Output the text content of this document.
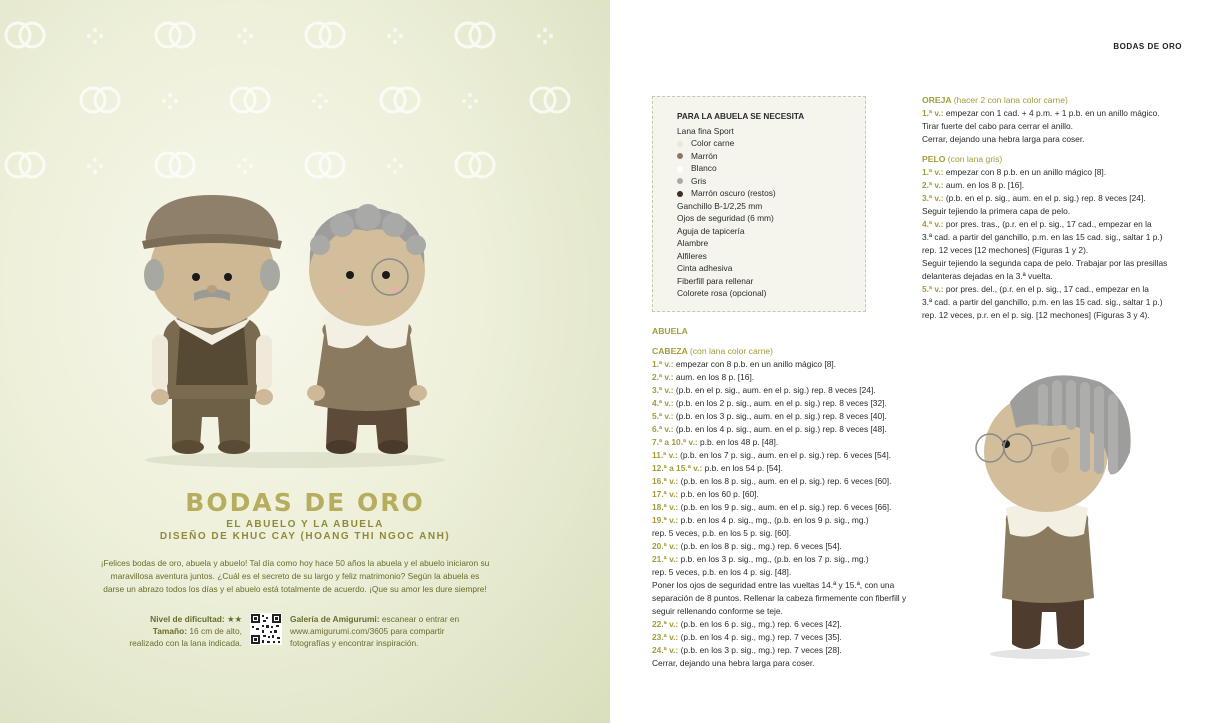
BODAS DE ORO
EL ABUELO Y LA ABUELA
DISEÑO DE KHUC CAY (HOANG THI NGOC ANH)
¡Felices bodas de oro, abuela y abuelo! Tal día como hoy hace 50 años la abuela y el abuelo iniciaron su maravillosa aventura juntos. ¿Cuál es el secreto de su largo y feliz matrimonio? Según la abuela es darse un abrazo todos los días y el abuelo está totalmente de acuerdo. ¡Que su amor les dure siempre!
Nivel de dificultad: ★★
Tamaño: 16 cm de alto,
realizado con la lana indicada.
Galería de Amigurumi: escanear o entrar en
www.amigurumi.com/3605 para compartir
fotografías y encontrar inspiración.
BODAS DE ORO
PARA LA ABUELA SE NECESITA
Lana fina Sport
Color carne
Marrón
Blanco
Gris
Marrón oscuro (restos)
Ganchillo B-1/2,25 mm
Ojos de seguridad (6 mm)
Aguja de tapicería
Alambre
Alfileres
Cinta adhesiva
Fiberfill para rellenar
Colorete rosa (opcional)
ABUELA
CABEZA (con lana color carne)
1.ª v.: empezar con 8 p.b. en un anillo mágico [8].
2.ª v.: aum. en los 8 p. [16].
3.ª v.: (p.b. en el p. sig., aum. en el p. sig.) rep. 8 veces [24].
4.ª v.: (p.b. en los 2 p. sig., aum. en el p. sig.) rep. 8 veces [32].
5.ª v.: (p.b. en los 3 p. sig., aum. en el p. sig.) rep. 8 veces [40].
6.ª v.: (p.b. en los 4 p. sig., aum. en el p. sig.) rep. 8 veces [48].
7.ª a 10.ª v.: p.b. en los 48 p. [48].
11.ª v.: (p.b. en los 7 p. sig., aum. en el p. sig.) rep. 6 veces [54].
12.ª a 15.ª v.: p.b. en los 54 p. [54].
16.ª v.: (p.b. en los 8 p. sig., aum. en el p. sig.) rep. 6 veces [60].
17.ª v.: p.b. en los 60 p. [60].
18.ª v.: (p.b. en los 9 p. sig., aum. en el p. sig.) rep. 6 veces [66].
19.ª v.: p.b. en los 4 p. sig., mg., (p.b. en los 9 p. sig., mg.)
rep. 5 veces, p.b. en los 5 p. sig. [60].
20.ª v.: (p.b. en los 8 p. sig., mg.) rep. 6 veces [54].
21.ª v.: p.b. en los 3 p. sig., mg., (p.b. en los 7 p. sig., mg.)
rep. 5 veces, p.b. en los 4 p. sig. [48].
Poner los ojos de seguridad entre las vueltas 14.ª y 15.ª, con una separación de 8 puntos. Rellenar la cabeza firmemente con fiberfill y seguir rellenando conforme se teje.
22.ª v.: (p.b. en los 6 p. sig., mg.) rep. 6 veces [42].
23.ª v.: (p.b. en los 4 p. sig., mg.) rep. 7 veces [35].
24.ª v.: (p.b. en los 3 p. sig., mg.) rep. 7 veces [28].
Cerrar, dejando una hebra larga para coser.
OREJA (hacer 2 con lana color carne)
1.ª v.: empezar con 1 cad. + 4 p.m. + 1 p.b. en un anillo mágico.
Tirar fuerte del cabo para cerrar el anillo.
Cerrar, dejando una hebra larga para coser.
PELO (con lana gris)
1.ª v.: empezar con 8 p.b. en un anillo mágico [8].
2.ª v.: aum. en los 8 p. [16].
3.ª v.: (p.b. en el p. sig., aum. en el p. sig.) rep. 8 veces [24].
Seguir tejiendo la primera capa de pelo.
4.ª v.: por pres. tras., (p.r. en el p. sig., 17 cad., empezar en la
3.ª cad. a partir del ganchillo, p.m. en las 15 cad. sig., saltar 1 p.)
rep. 12 veces [12 mechones] (Figuras 1 y 2).
Seguir tejiendo la segunda capa de pelo. Trabajar por las presillas
delanteras dejadas en la 3.ª vuelta.
5.ª v.: por pres. del., (p.r. en el p. sig., 17 cad., empezar en la
3.ª cad. a partir del ganchillo, p.m. en las 15 cad. sig., saltar 1 p.)
rep. 12 veces, p.r. en el p. sig. [12 mechones] (Figuras 3 y 4).
